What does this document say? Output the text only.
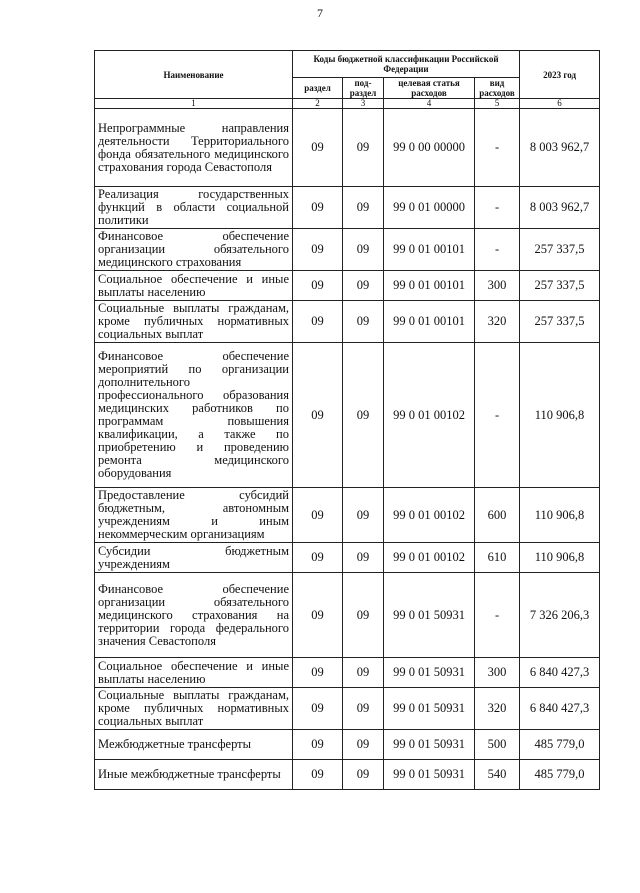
7
Наименование	Коды бюджетной классификации Российской Федерации				2023 год
	раздел	под-раздел	целевая статья расходов	вид расходов	
1	2	3	4	5	6
Непрограммные направления деятельности Территориального фонда обязательного медицинского страхования города Севастополя	09	09	99 0 00 00000	-	8 003 962,7
Реализация государственных функций в области социальной политики	09	09	99 0 01 00000	-	8 003 962,7
Финансовое обеспечение организации обязательного медицинского страхования	09	09	99 0 01 00101	-	257 337,5
Социальное обеспечение и иные выплаты населению	09	09	99 0 01 00101	300	257 337,5
Социальные выплаты гражданам, кроме публичных нормативных социальных выплат	09	09	99 0 01 00101	320	257 337,5
Финансовое обеспечение мероприятий по организации дополнительного профессионального образования медицинских работников по программам повышения квалификации, а также по приобретению и проведению ремонта медицинского оборудования	09	09	99 0 01 00102	-	110 906,8
Предоставление субсидий бюджетным, автономным учреждениям и иным некоммерческим организациям	09	09	99 0 01 00102	600	110 906,8
Субсидии бюджетным учреждениям	09	09	99 0 01 00102	610	110 906,8
Финансовое обеспечение организации обязательного медицинского страхования на территории города федерального значения Севастополя	09	09	99 0 01 50931	-	7 326 206,3
Социальное обеспечение и иные выплаты населению	09	09	99 0 01 50931	300	6 840 427,3
Социальные выплаты гражданам, кроме публичных нормативных социальных выплат	09	09	99 0 01 50931	320	6 840 427,3
Межбюджетные трансферты	09	09	99 0 01 50931	500	485 779,0
Иные межбюджетные трансферты	09	09	99 0 01 50931	540	485 779,0
